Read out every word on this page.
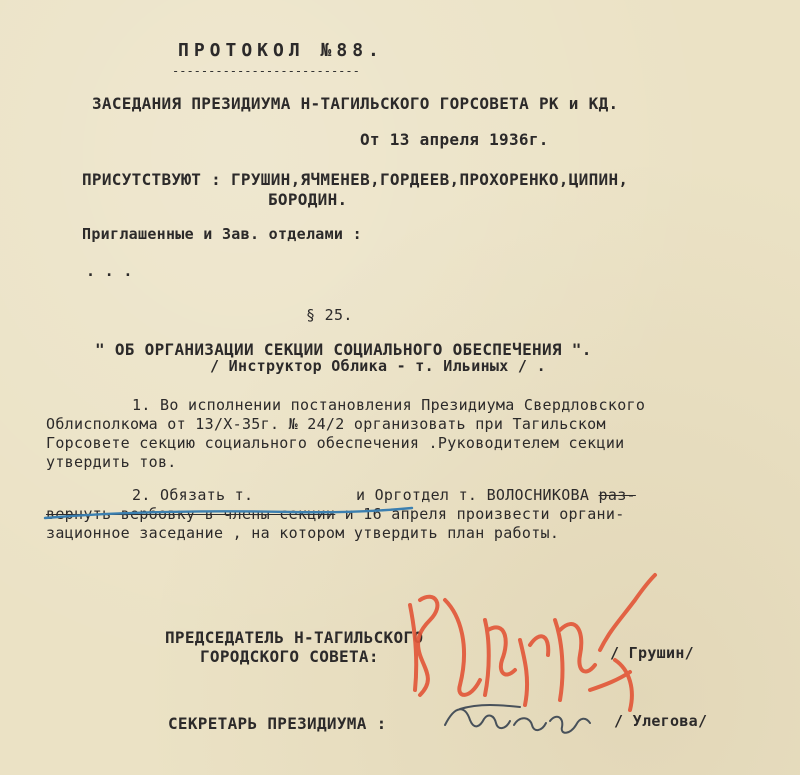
ПРОТОКОЛ №88.
--------------------------
ЗАСЕДАНИЯ ПРЕЗИДИУМА Н-ТАГИЛЬСКОГО ГОРСОВЕТА РК и КД.
От 13 апреля 1936г.
ПРИСУТСТВУЮТ : ГРУШИН,ЯЧМЕНЕВ,ГОРДЕЕВ,ПРОХОРЕНКО,ЦИПИН,
БОРОДИН.
Приглашенные и Зав. отделами :
. . .
§ 25.
" ОБ ОРГАНИЗАЦИИ СЕКЦИИ СОЦИАЛЬНОГО ОБЕСПЕЧЕНИЯ ".
/ Инструктор Облика - т. Ильиных / .
1. Во исполнении постановления Президиума Свердловского
Облисполкома от 13/Х-35г. № 24/2 организовать при Тагильском
Горсовете секцию социального обеспечения .Руководителем секции
утвердить тов.
2. Обязать т.           и Орготдел т. ВОЛОСНИКОВА раз-
вернуть вербовку в члены секции и 16 апреля произвести органи-
зационное заседание , на котором утвердить план работы.
ПРЕДСЕДАТЕЛЬ Н-ТАГИЛЬСКОГО
ГОРОДСКОГО СОВЕТА:	/ Грушин/
СЕКРЕТАРЬ ПРЕЗИДИУМА :	/ Улегова/
